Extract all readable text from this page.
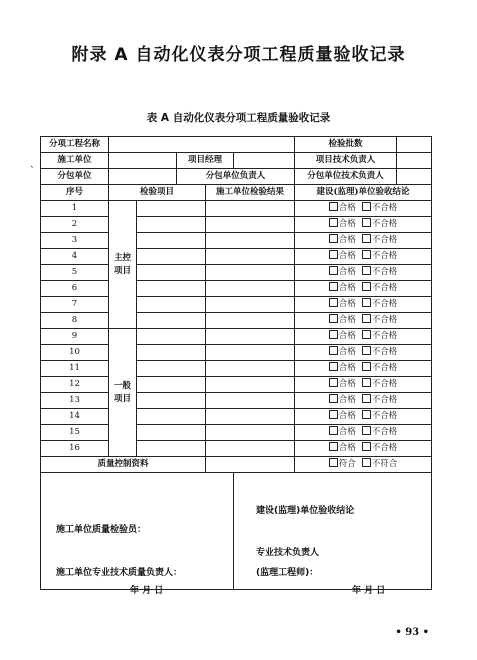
附录 A 自动化仪表分项工程质量验收记录
表 A 自动化仪表分项工程质量验收记录
、
分项工程名称						检验批数	
施工单位			项目经理			项目技术负责人	
分包单位			分包单位负责人			分包单位技术负责人	
序号	检验项目			施工单位检验结果		建设(监理)单位验收结论	
1	主控项目					合格 不合格	
2						合格 不合格	
3						合格 不合格	
4						合格 不合格	
5						合格 不合格	
6						合格 不合格	
7						合格 不合格	
8						合格 不合格	
9	一般项目					合格 不合格	
10						合格 不合格	
11						合格 不合格	
12						合格 不合格	
13						合格 不合格	
14						合格 不合格	
15						合格 不合格	
16						合格 不合格	
质量控制资料						符合 不符合	

建设(监理)单位验收结论
施工单位质量检验员：
专业技术负责人
施工单位专业技术质量负责人：	(监理工程师)：
年 月 日	年 月 日
• 93 •
